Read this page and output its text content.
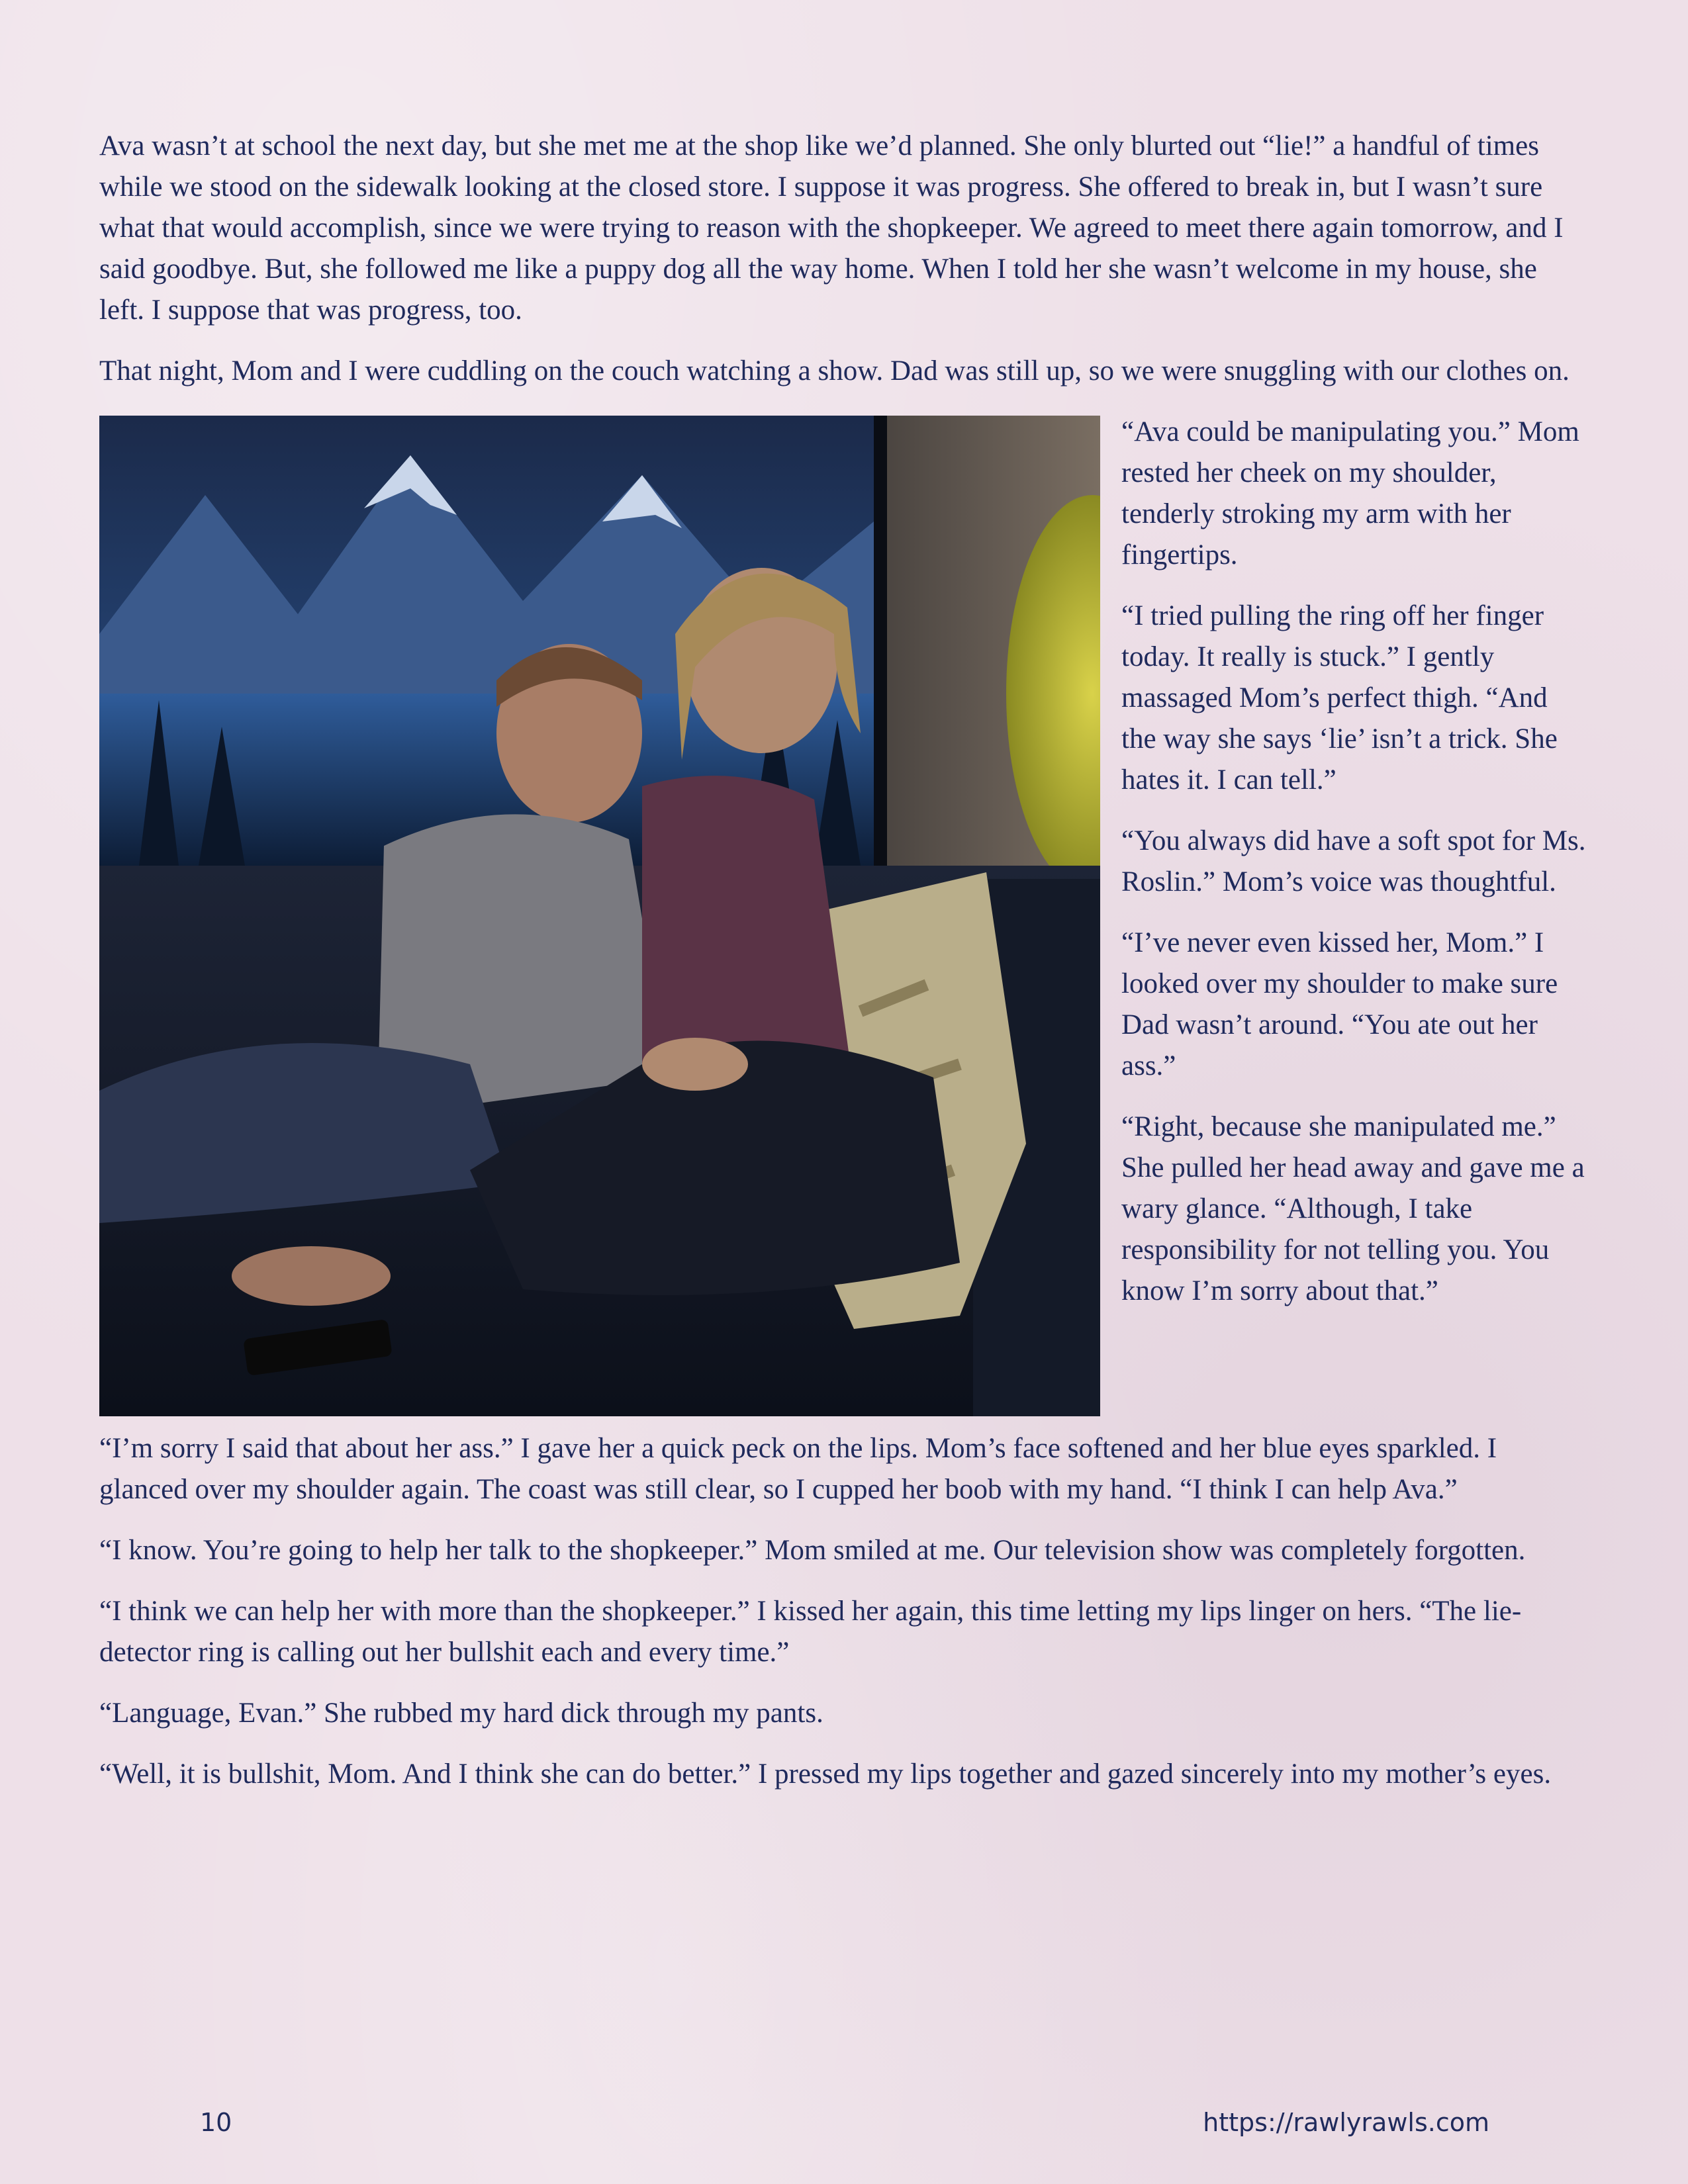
Ava wasn’t at school the next day, but she met me at the shop like we’d planned. She only blurted out “lie!” a handful of times while we stood on the sidewalk looking at the closed store. I suppose it was progress. She offered to break in, but I wasn’t sure what that would accomplish, since we were trying to reason with the shopkeeper. We agreed to meet there again tomorrow, and I said goodbye. But, she followed me like a puppy dog all the way home. When I told her she wasn’t welcome in my house, she left. I suppose that was progress, too.

That night, Mom and I were cuddling on the couch watching a show. Dad was still up, so we were snuggling with our clothes on.

“Ava could be manipulating you.” Mom rested her cheek on my shoulder, tenderly stroking my arm with her fingertips.

“I tried pulling the ring off her finger today. It really is stuck.” I gently massaged Mom’s perfect thigh. “And the way she says ‘lie’ isn’t a trick. She hates it. I can tell.”

“You always did have a soft spot for Ms. Roslin.” Mom’s voice was thoughtful.

“I’ve never even kissed her, Mom.” I looked over my shoulder to make sure Dad wasn’t around. “You ate out her ass.”

“Right, because she manipulated me.” She pulled her head away and gave me a wary glance. “Although, I take responsibility for not telling you. You know I’m sorry about that.”

“I’m sorry I said that about her ass.” I gave her a quick peck on the lips. Mom’s face softened and her blue eyes sparkled. I glanced over my shoulder again. The coast was still clear, so I cupped her boob with my hand. “I think I can help Ava.”

“I know. You’re going to help her talk to the shopkeeper.” Mom smiled at me. Our television show was completely forgotten.

“I think we can help her with more than the shopkeeper.” I kissed her again, this time letting my lips linger on hers. “The lie-detector ring is calling out her bullshit each and every time.”

“Language, Evan.” She rubbed my hard dick through my pants.

“Well, it is bullshit, Mom. And I think she can do better.” I pressed my lips together and gazed sincerely into my mother’s eyes.

10	https://rawlyrawls.com
